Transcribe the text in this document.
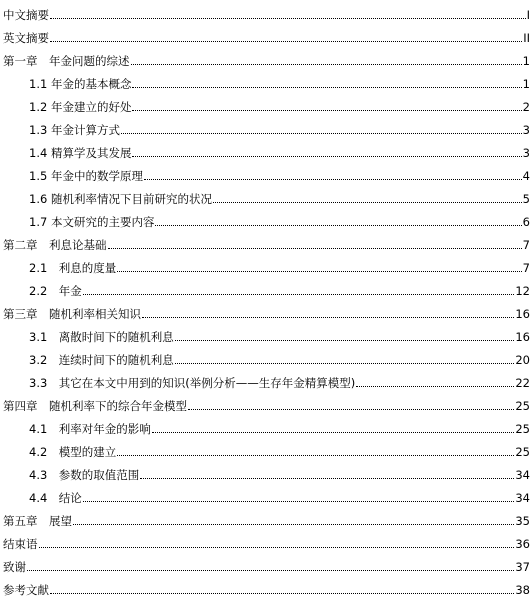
中文摘要	I
英文摘要	II
第一章　年金问题的综述	1
1.1 年金的基本概念	1
1.2 年金建立的好处	2
1.3 年金计算方式	3
1.4 精算学及其发展	3
1.5 年金中的数学原理	4
1.6 随机利率情况下目前研究的状况	5
1.7 本文研究的主要内容	6
第二章　利息论基础	7
2.1　利息的度量	7
2.2　年金	12
第三章　随机利率相关知识	16
3.1　离散时间下的随机利息	16
3.2　连续时间下的随机利息	20
3.3　其它在本文中用到的知识(举例分析——生存年金精算模型)	22
第四章　随机利率下的综合年金模型	25
4.1　利率对年金的影响	25
4.2　模型的建立	25
4.3　参数的取值范围	34
4.4　结论	34
第五章　展望	35
结束语	36
致谢	37
参考文献	38
